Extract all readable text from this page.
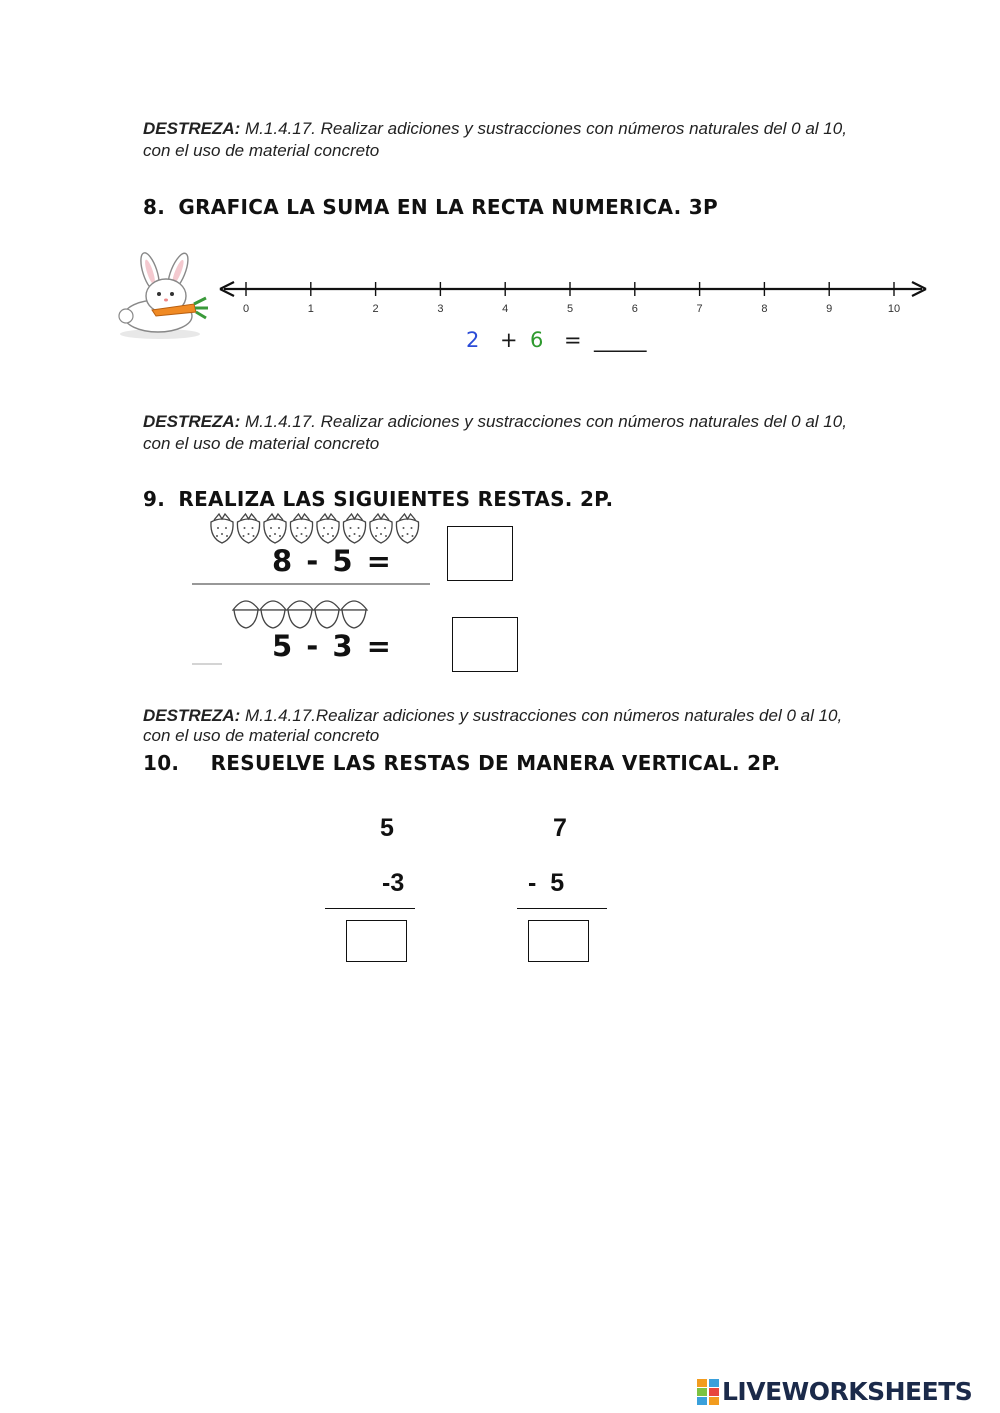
DESTREZA: M.1.4.17. Realizar adiciones y sustracciones con números naturales del 0 al 10, con el uso de material concreto
8. GRAFICA LA SUMA EN LA RECTA NUMERICA. 3P
0	1	2	3	4	5	6	7	8	9	10
2 + 6 = _____
DESTREZA: M.1.4.17. Realizar adiciones y sustracciones con números naturales del 0 al 10, con el uso de material concreto
9. REALIZA LAS SIGUIENTES RESTAS. 2P.
8 - 5 =
5 - 3 =
DESTREZA: M.1.4.17.Realizar adiciones y sustracciones con números naturales del 0 al 10, con el uso de material concreto
10. RESUELVE LAS RESTAS DE MANERA VERTICAL. 2P.
5
-3
7
-  5
LIVEWORKSHEETS
